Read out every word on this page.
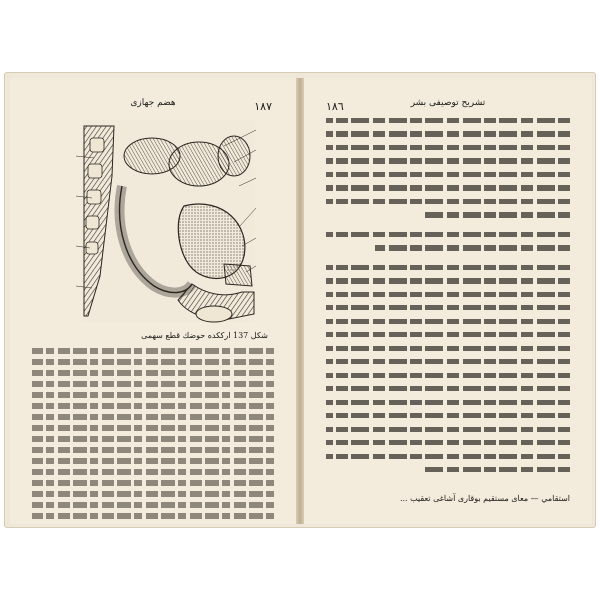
١٨٧
هضم جهازى
شكل 137 ارككده حوضك قطع سهمى
١٨٦	تشريح توصيفى بشر
استقامي — معاى مستقيم بوقارى آشاغى تعقيب ...
